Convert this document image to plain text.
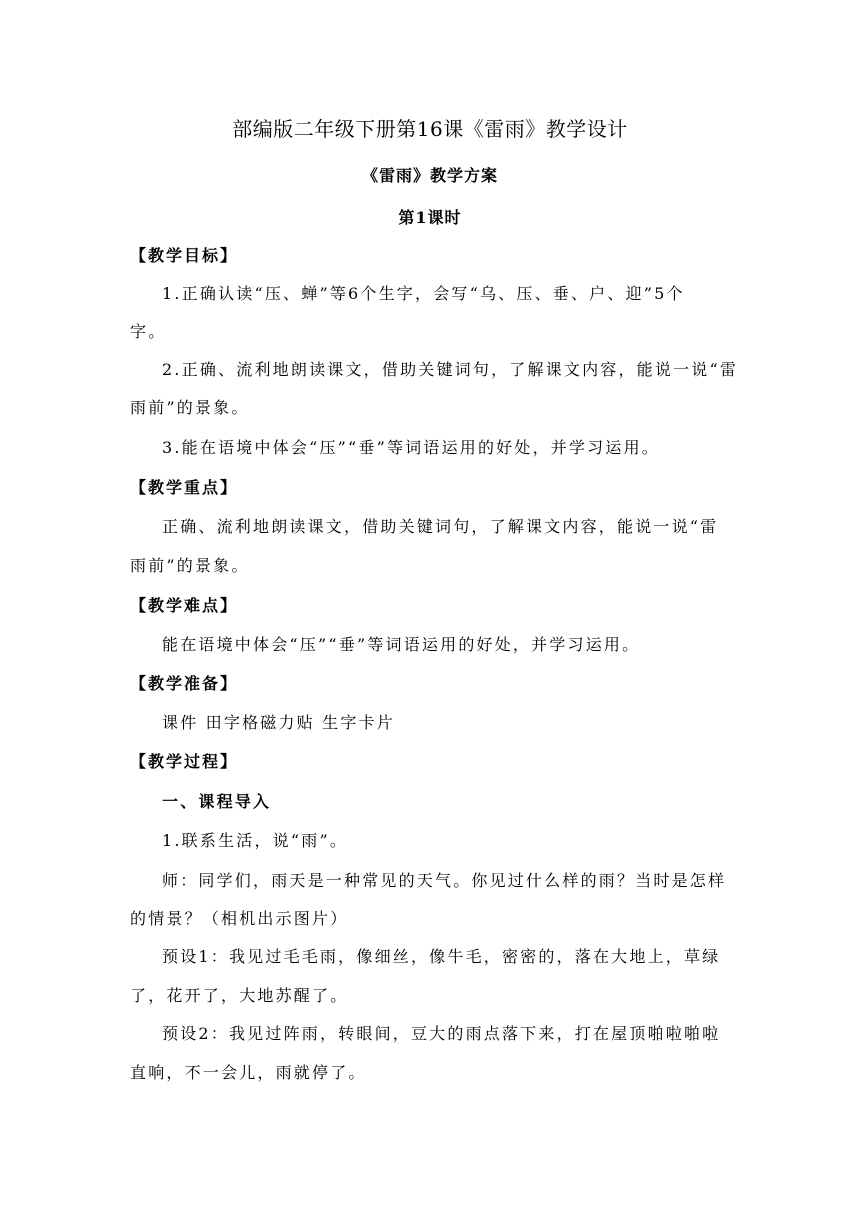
部编版二年级下册第16课《雷雨》教学设计
《雷雨》教学方案
第1课时
【教学目标】
1.正确认读“压、蝉”等6个生字，会写“乌、压、垂、户、迎”5个
字。
2.正确、流利地朗读课文，借助关键词句，了解课文内容，能说一说“雷
雨前”的景象。
3.能在语境中体会“压”“垂”等词语运用的好处，并学习运用。
【教学重点】
正确、流利地朗读课文，借助关键词句，了解课文内容，能说一说“雷
雨前”的景象。
【教学难点】
能在语境中体会“压”“垂”等词语运用的好处，并学习运用。
【教学准备】
课件 田字格磁力贴 生字卡片
【教学过程】
一、课程导入
1.联系生活，说“雨”。
师：同学们，雨天是一种常见的天气。你见过什么样的雨？当时是怎样
的情景？（相机出示图片）
预设1：我见过毛毛雨，像细丝，像牛毛，密密的，落在大地上，草绿
了，花开了，大地苏醒了。
预设2：我见过阵雨，转眼间，豆大的雨点落下来，打在屋顶啪啦啪啦
直响，不一会儿，雨就停了。
